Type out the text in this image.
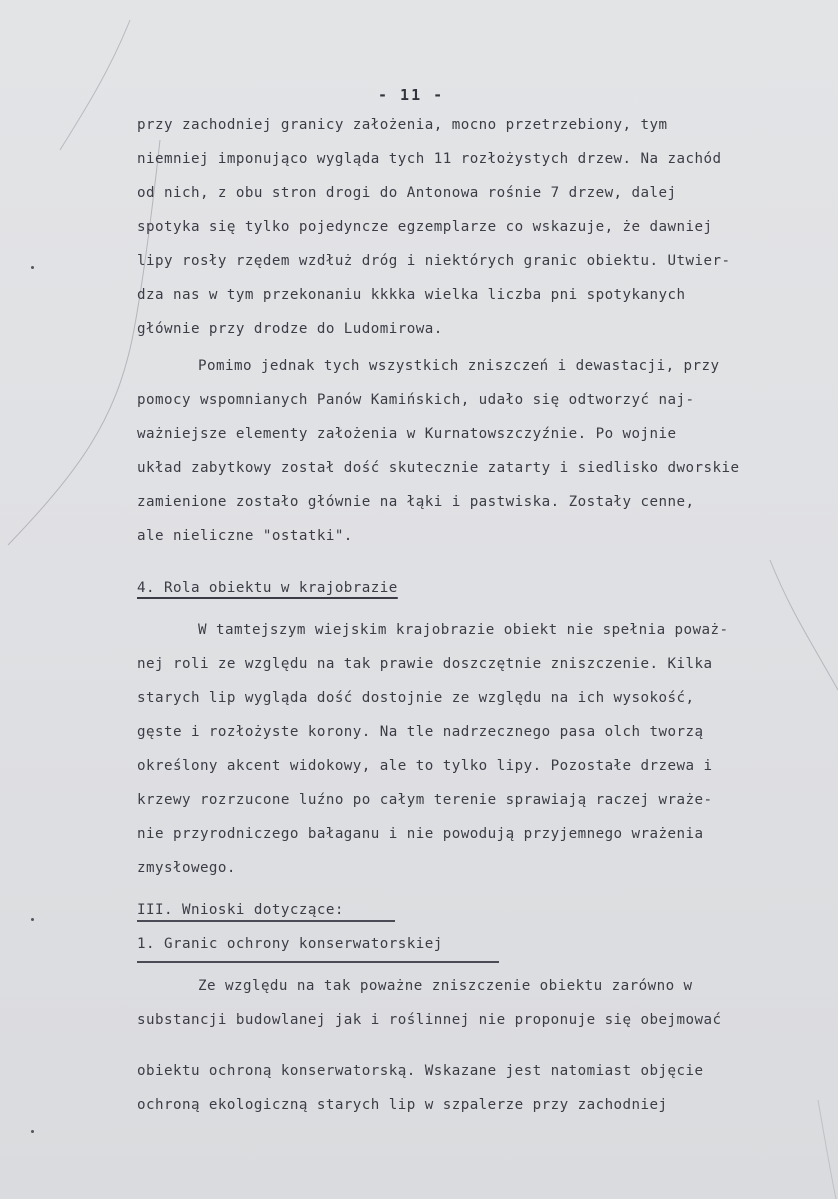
- 11 -
przy zachodniej granicy założenia, mocno przetrzebiony, tym
niemniej imponująco wygląda tych 11 rozłożystych drzew. Na zachód
od nich, z obu stron drogi do Antonowa rośnie 7 drzew, dalej
spotyka się tylko pojedyncze egzemplarze co wskazuje, że dawniej
lipy rosły rzędem wzdłuż dróg i niektórych granic obiektu. Utwier-
dza nas w tym przekonaniu kkkka wielka liczba pni spotykanych
głównie przy drodze do Ludomirowa.
Pomimo jednak tych wszystkich zniszczeń i dewastacji, przy
pomocy wspomnianych Panów Kamińskich, udało się odtworzyć naj-
ważniejsze elementy założenia w Kurnatowszczyźnie. Po wojnie
układ zabytkowy został dość skutecznie zatarty i siedlisko dworskie
zamienione zostało głównie na łąki i pastwiska. Zostały cenne,
ale nieliczne "ostatki".
4. Rola obiektu w krajobrazie
W tamtejszym wiejskim krajobrazie obiekt nie spełnia poważ-
nej roli ze względu na tak prawie doszczętnie zniszczenie. Kilka
starych lip wygląda dość dostojnie ze względu na ich wysokość,
gęste i rozłożyste korony. Na tle nadrzecznego pasa olch tworzą
określony akcent widokowy, ale to tylko lipy. Pozostałe drzewa i
krzewy rozrzucone luźno po całym terenie sprawiają raczej wraże-
nie przyrodniczego bałaganu i nie powodują przyjemnego wrażenia
zmysłowego.
III. Wnioski dotyczące:
1. Granic ochrony konserwatorskiej
Ze względu na tak poważne zniszczenie obiektu zarówno w
substancji budowlanej jak i roślinnej nie proponuje się obejmować
obiektu ochroną konserwatorską. Wskazane jest natomiast objęcie
ochroną ekologiczną starych lip w szpalerze przy zachodniej
